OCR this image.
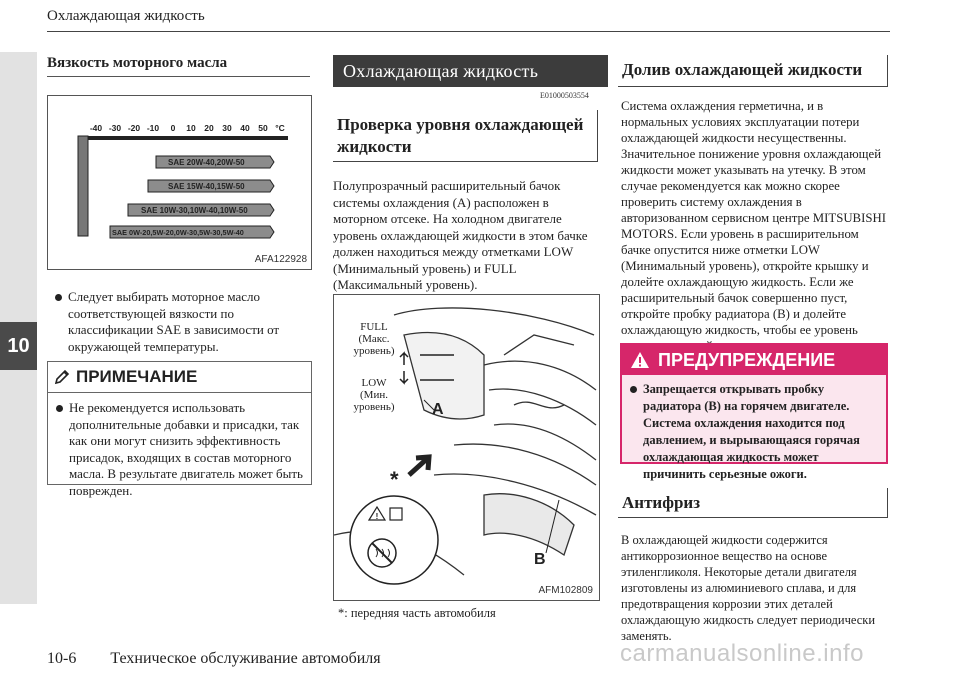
10
Охлаждающая жидкость
Вязкость моторного масла
-40 -30 -20 -10 0 10 20 30 40 50 °C
SAE 20W-40,20W-50
SAE 15W-40,15W-50
SAE 10W-30,10W-40,10W-50
SAE 0W-20,5W-20,0W-30,5W-30,5W-40
AFA122928
Следует выбирать моторное масло соответствующей вязкости по классификации SAE в зависимости от окружающей температуры.
ПРИМЕЧАНИЕ
Не рекомендуется использовать дополнительные добавки и присадки, так как они могут снизить эффективность присадок, входящих в состав моторного масла. В результате двигатель может быть поврежден.
Охлаждающая жидкость
E01000503554
Проверка уровня охлаждающей жидкости
Полупрозрачный расширительный бачок системы охлаждения (A) расположен в моторном отсеке. На холодном двигателе уровень охлаждающей жидкости в этом бачке должен находиться между отметками LOW (Минимальный уровень) и FULL (Максимальный уровень).
!
FULL (Макс. уровень)
LOW (Мин. уровень)	A
B
*
AFM102809
*: передняя часть автомобиля
Долив охлаждающей жидкости
Система охлаждения герметична, и в нормальных условиях эксплуатации потери охлаждающей жидкости несущественны. Значительное понижение уровня охлаждающей жидкости может указывать на утечку. В этом случае рекомендуется как можно скорее проверить систему охлаждения в авторизованном сервисном центре MITSUBISHI MOTORS. Если уровень в расширительном бачке опустится ниже отметки LOW (Минимальный уровень), откройте крышку и долейте охлаждающую жидкость. Если же расширительный бачок совершенно пуст, откройте пробку радиатора (B) и долейте охлаждающую жидкость, чтобы ее уровень
ПРЕДУПРЕЖДЕНИЕ
Запрещается открывать пробку радиатора (B) на горячем двигателе. Система охлаждения находится под давлением, и вырывающаяся горячая охлаждающая жидкость может причинить серьезные ожоги.
Антифриз
В охлаждающей жидкости содержится антикоррозионное вещество на основе этиленгликоля. Некоторые детали двигателя изготовлены из алюминиевого сплава, и для предотвращения коррозии этих деталей охлаждающую жидкость следует периодически заменять.
10-6 Техническое обслуживание автомобиля	carmanualsonline.info
